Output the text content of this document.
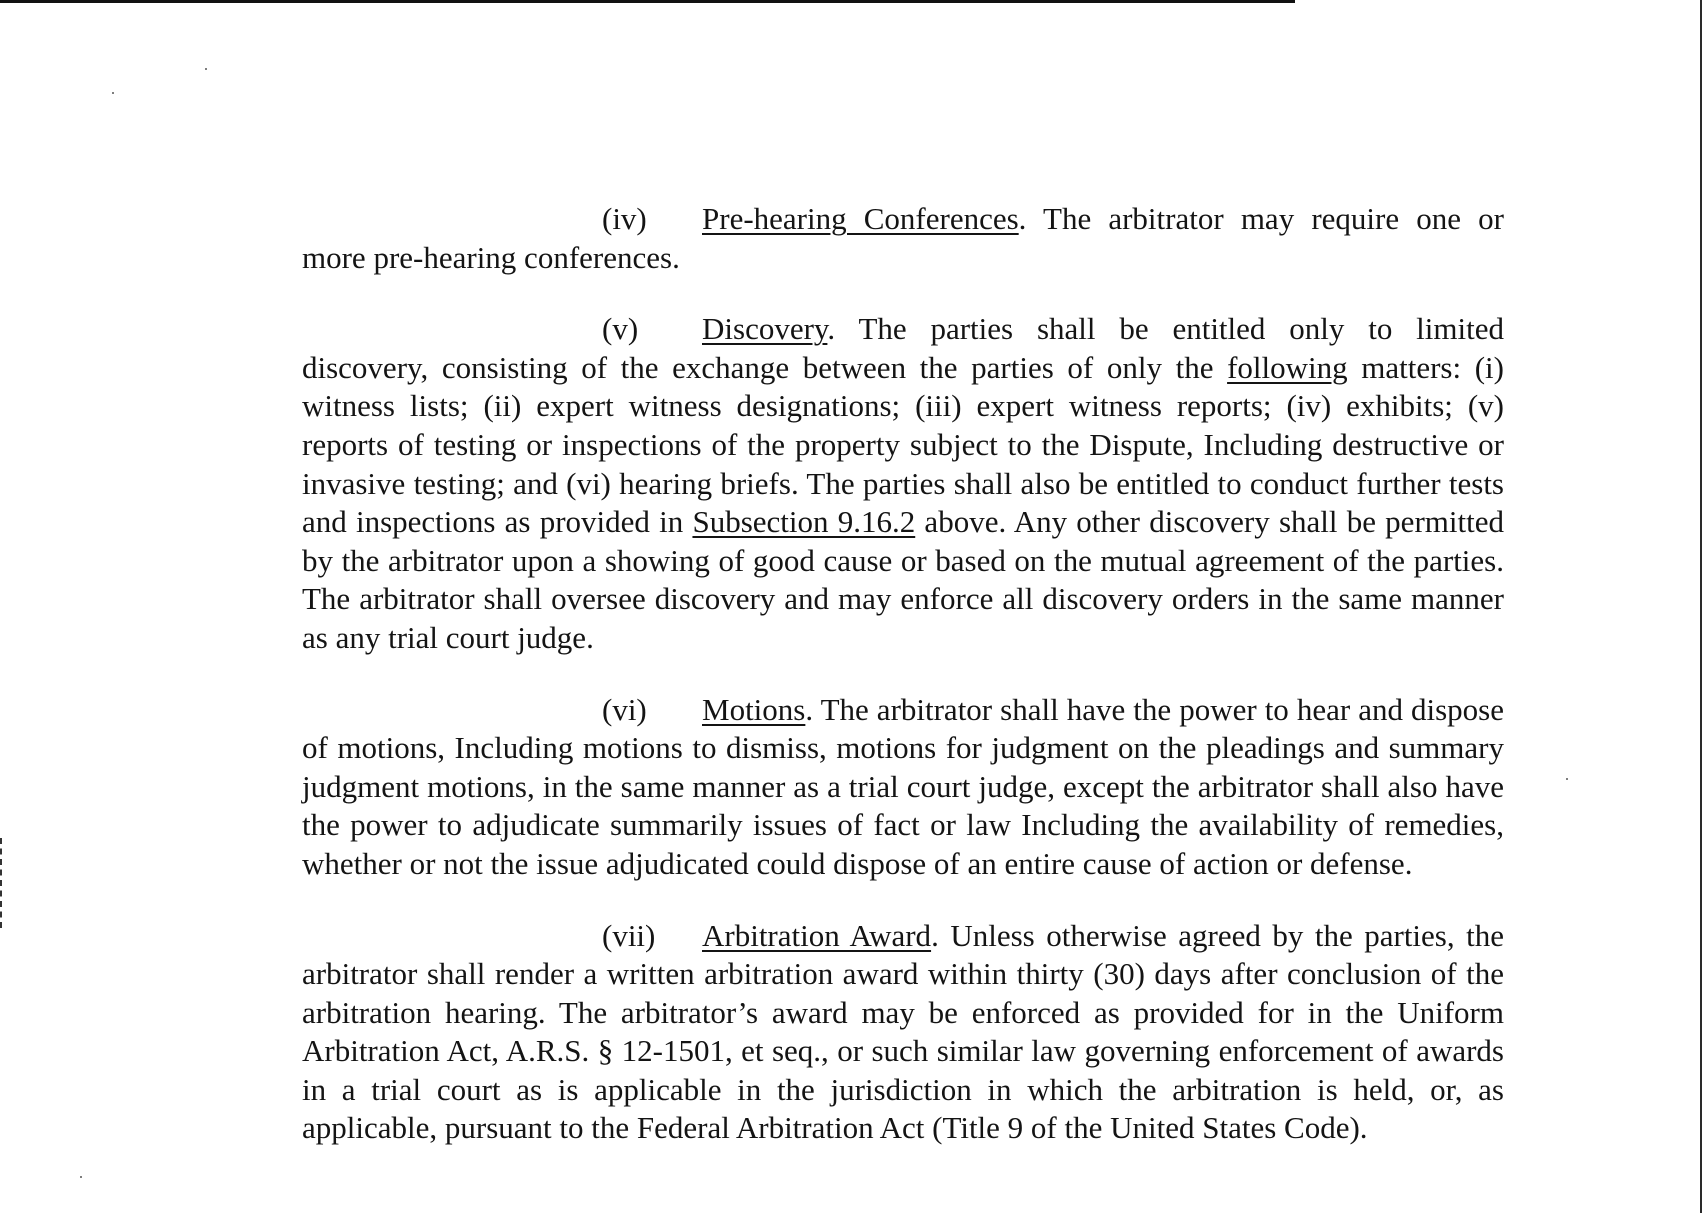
(iv) Pre-hearing Conferences. The arbitrator may require one or more pre-hearing conferences.

(v) Discovery. The parties shall be entitled only to limited discovery, consisting of the exchange between the parties of only the following matters: (i) witness lists; (ii) expert witness designations; (iii) expert witness reports; (iv) exhibits; (v) reports of testing or inspections of the property subject to the Dispute, Including destructive or invasive testing; and (vi) hearing briefs. The parties shall also be entitled to conduct further tests and inspections as provided in Subsection 9.16.2 above. Any other discovery shall be permitted by the arbitrator upon a showing of good cause or based on the mutual agreement of the parties. The arbitrator shall oversee discovery and may enforce all discovery orders in the same manner as any trial court judge.

(vi) Motions. The arbitrator shall have the power to hear and dispose of motions, Including motions to dismiss, motions for judgment on the pleadings and summary judgment motions, in the same manner as a trial court judge, except the arbitrator shall also have the power to adjudicate summarily issues of fact or law Including the availability of remedies, whether or not the issue adjudicated could dispose of an entire cause of action or defense.

(vii) Arbitration Award. Unless otherwise agreed by the parties, the arbitrator shall render a written arbitration award within thirty (30) days after conclusion of the arbitration hearing. The arbitrator’s award may be enforced as provided for in the Uniform Arbitration Act, A.R.S. § 12-1501, et seq., or such similar law governing enforcement of awards in a trial court as is applicable in the jurisdiction in which the arbitration is held, or, as applicable, pursuant to the Federal Arbitration Act (Title 9 of the United States Code).
